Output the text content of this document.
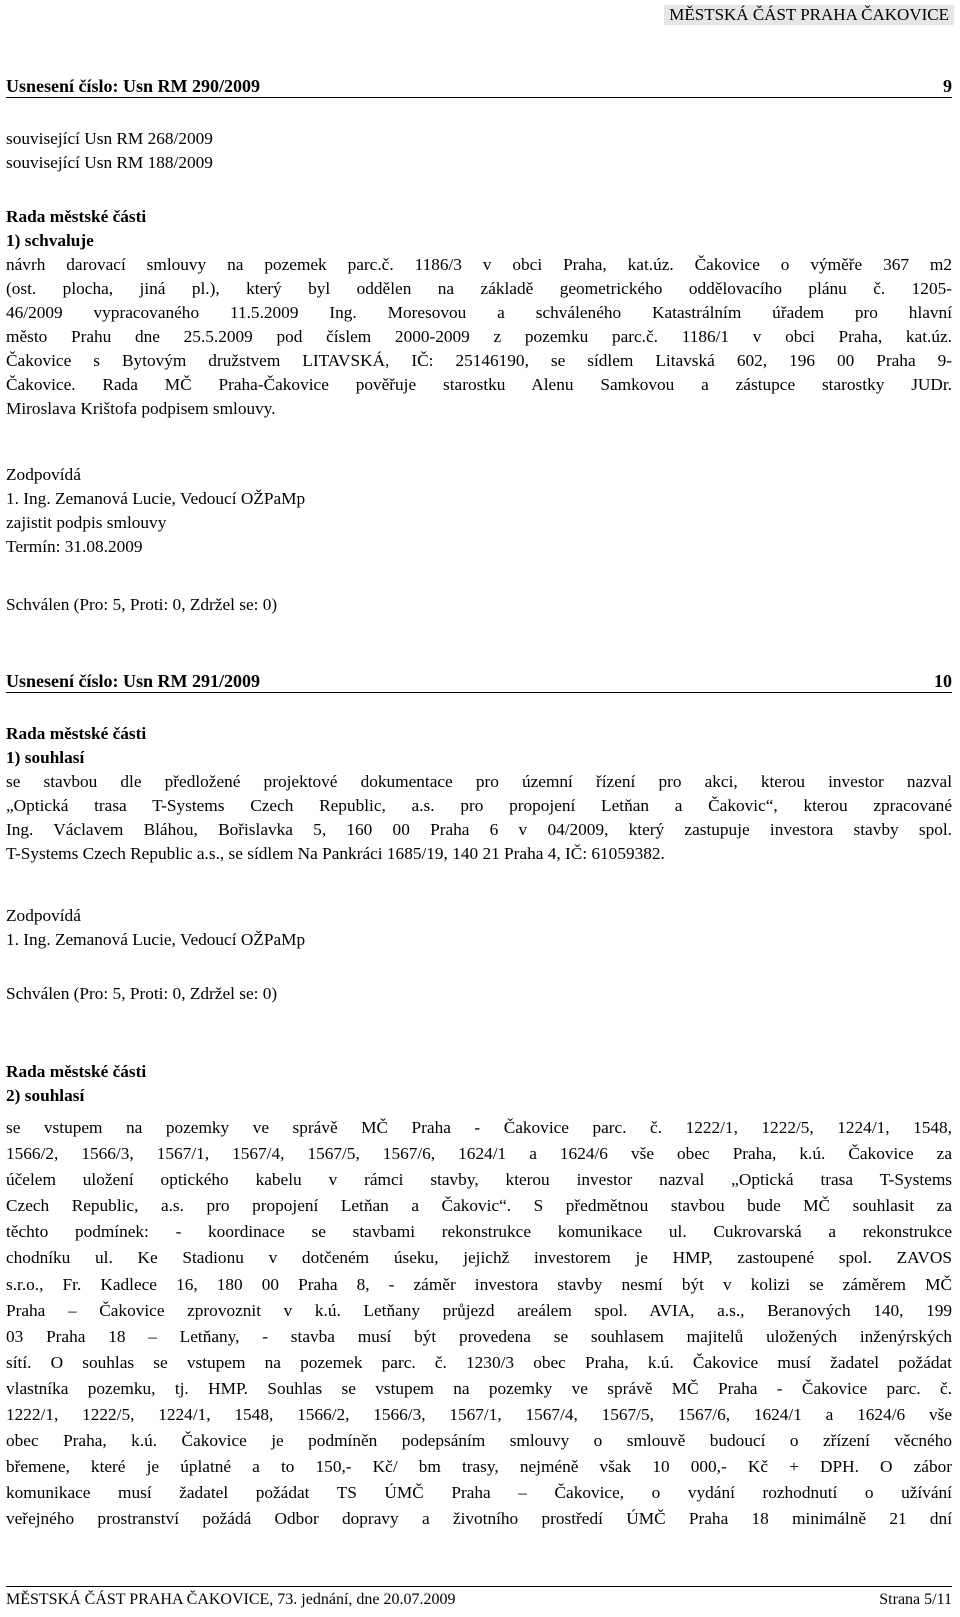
MĚSTSKÁ ČÁST PRAHA ČAKOVICE
Usnesení číslo: Usn RM 290/2009	9
související Usn RM 268/2009
související Usn RM 188/2009
Rada městské části
1) schvaluje
návrh darovací smlouvy na pozemek parc.č. 1186/3 v obci Praha, kat.úz. Čakovice o výměře 367 m2
(ost. plocha, jiná pl.), který byl oddělen na základě geometrického oddělovacího plánu č. 1205-
46/2009 vypracovaného 11.5.2009 Ing. Moresovou a schváleného Katastrálním úřadem pro hlavní
město Prahu dne 25.5.2009 pod číslem 2000-2009 z pozemku parc.č. 1186/1 v obci Praha, kat.úz.
Čakovice s Bytovým družstvem LITAVSKÁ, IČ: 25146190, se sídlem Litavská 602, 196 00 Praha 9-
Čakovice. Rada MČ Praha-Čakovice pověřuje starostku Alenu Samkovou a zástupce starostky JUDr.
Miroslava Krištofa podpisem smlouvy.
Zodpovídá
1. Ing. Zemanová Lucie, Vedoucí OŽPaMp
zajistit podpis smlouvy
Termín: 31.08.2009
Schválen (Pro: 5, Proti: 0, Zdržel se: 0)
Usnesení číslo: Usn RM 291/2009	10
Rada městské části
1) souhlasí
se stavbou dle předložené projektové dokumentace pro územní řízení pro akci, kterou investor nazval
„Optická trasa T-Systems Czech Republic, a.s. pro propojení Letňan a Čakovic“, kterou zpracované
Ing. Václavem Bláhou, Bořislavka 5, 160 00 Praha 6 v 04/2009, který zastupuje investora stavby spol.
T-Systems Czech Republic a.s., se sídlem Na Pankráci 1685/19, 140 21 Praha 4, IČ: 61059382.
Zodpovídá
1. Ing. Zemanová Lucie, Vedoucí OŽPaMp
Schválen (Pro: 5, Proti: 0, Zdržel se: 0)
Rada městské části
2) souhlasí
se vstupem na pozemky ve správě MČ Praha - Čakovice parc. č. 1222/1, 1222/5, 1224/1, 1548,
1566/2, 1566/3, 1567/1, 1567/4, 1567/5, 1567/6, 1624/1 a 1624/6 vše obec Praha, k.ú. Čakovice za
účelem uložení optického kabelu v rámci stavby, kterou investor nazval „Optická trasa T-Systems
Czech Republic, a.s. pro propojení Letňan a Čakovic“. S předmětnou stavbou bude MČ souhlasit za
těchto podmínek: - koordinace se stavbami rekonstrukce komunikace ul. Cukrovarská a rekonstrukce
chodníku ul. Ke Stadionu v dotčeném úseku, jejichž investorem je HMP, zastoupené spol. ZAVOS
s.r.o., Fr. Kadlece 16, 180 00 Praha 8, - záměr investora stavby nesmí být v kolizi se záměrem MČ
Praha – Čakovice zprovoznit v k.ú. Letňany průjezd areálem spol. AVIA, a.s., Beranových 140, 199
03 Praha 18 – Letňany, - stavba musí být provedena se souhlasem majitelů uložených inženýrských
sítí. O souhlas se vstupem na pozemek parc. č. 1230/3 obec Praha, k.ú. Čakovice musí žadatel požádat
vlastníka pozemku, tj. HMP. Souhlas se vstupem na pozemky ve správě MČ Praha - Čakovice parc. č.
1222/1, 1222/5, 1224/1, 1548, 1566/2, 1566/3, 1567/1, 1567/4, 1567/5, 1567/6, 1624/1 a 1624/6 vše
obec Praha, k.ú. Čakovice je podmíněn podepsáním smlouvy o smlouvě budoucí o zřízení věcného
břemene, které je úplatné a to 150,- Kč/ bm trasy, nejméně však 10 000,- Kč + DPH. O zábor
komunikace musí žadatel požádat TS ÚMČ Praha – Čakovice, o vydání rozhodnutí o užívání
veřejného prostranství požádá Odbor dopravy a životního prostředí ÚMČ Praha 18 minimálně 21 dní
MĚSTSKÁ ČÁST PRAHA ČAKOVICE, 73. jednání, dne 20.07.2009	Strana 5/11
